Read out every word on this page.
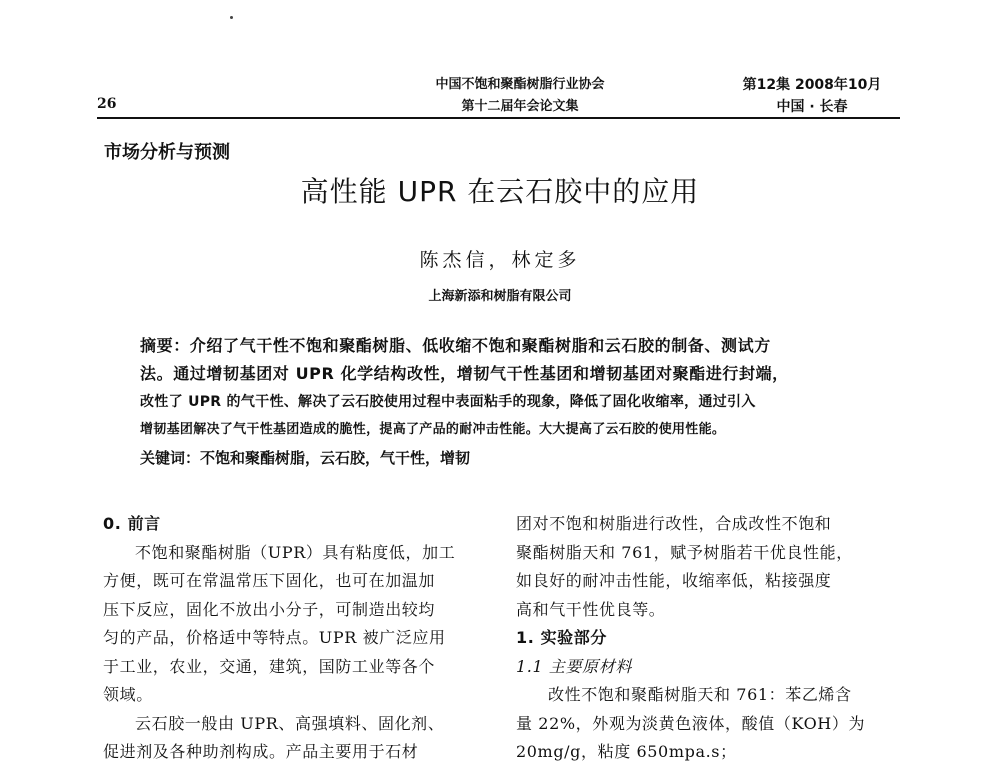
26
中国不饱和聚酯树脂行业协会
第十二届年会论文集
第12集 2008年10月
中国 · 长春
市场分析与预测
高性能 UPR 在云石胶中的应用
陈杰信，林定多
上海新添和树脂有限公司
摘要：介绍了气干性不饱和聚酯树脂、低收缩不饱和聚酯树脂和云石胶的制备、测试方
法。通过增韧基团对 UPR 化学结构改性，增韧气干性基团和增韧基团对聚酯进行封端，
改性了 UPR 的气干性、解决了云石胶使用过程中表面粘手的现象，降低了固化收缩率，通过引入
增韧基团解决了气干性基团造成的脆性，提高了产品的耐冲击性能。大大提高了云石胶的使用性能。
关键词：不饱和聚酯树脂，云石胶，气干性，增韧
0. 前言
不饱和聚酯树脂（UPR）具有粘度低，加工
方便，既可在常温常压下固化，也可在加温加
压下反应，固化不放出小分子，可制造出较均
匀的产品，价格适中等特点。UPR 被广泛应用
于工业，农业，交通，建筑，国防工业等各个
领域。
云石胶一般由 UPR、高强填料、固化剂、
促进剂及各种助剂构成。产品主要用于石材
团对不饱和树脂进行改性，合成改性不饱和
聚酯树脂天和 761，赋予树脂若干优良性能，
如良好的耐冲击性能，收缩率低，粘接强度
高和气干性优良等。
1. 实验部分
1.1 主要原材料
改性不饱和聚酯树脂天和 761：苯乙烯含
量 22%，外观为淡黄色液体，酸值（KOH）为
20mg/g，粘度 650mpa.s；
